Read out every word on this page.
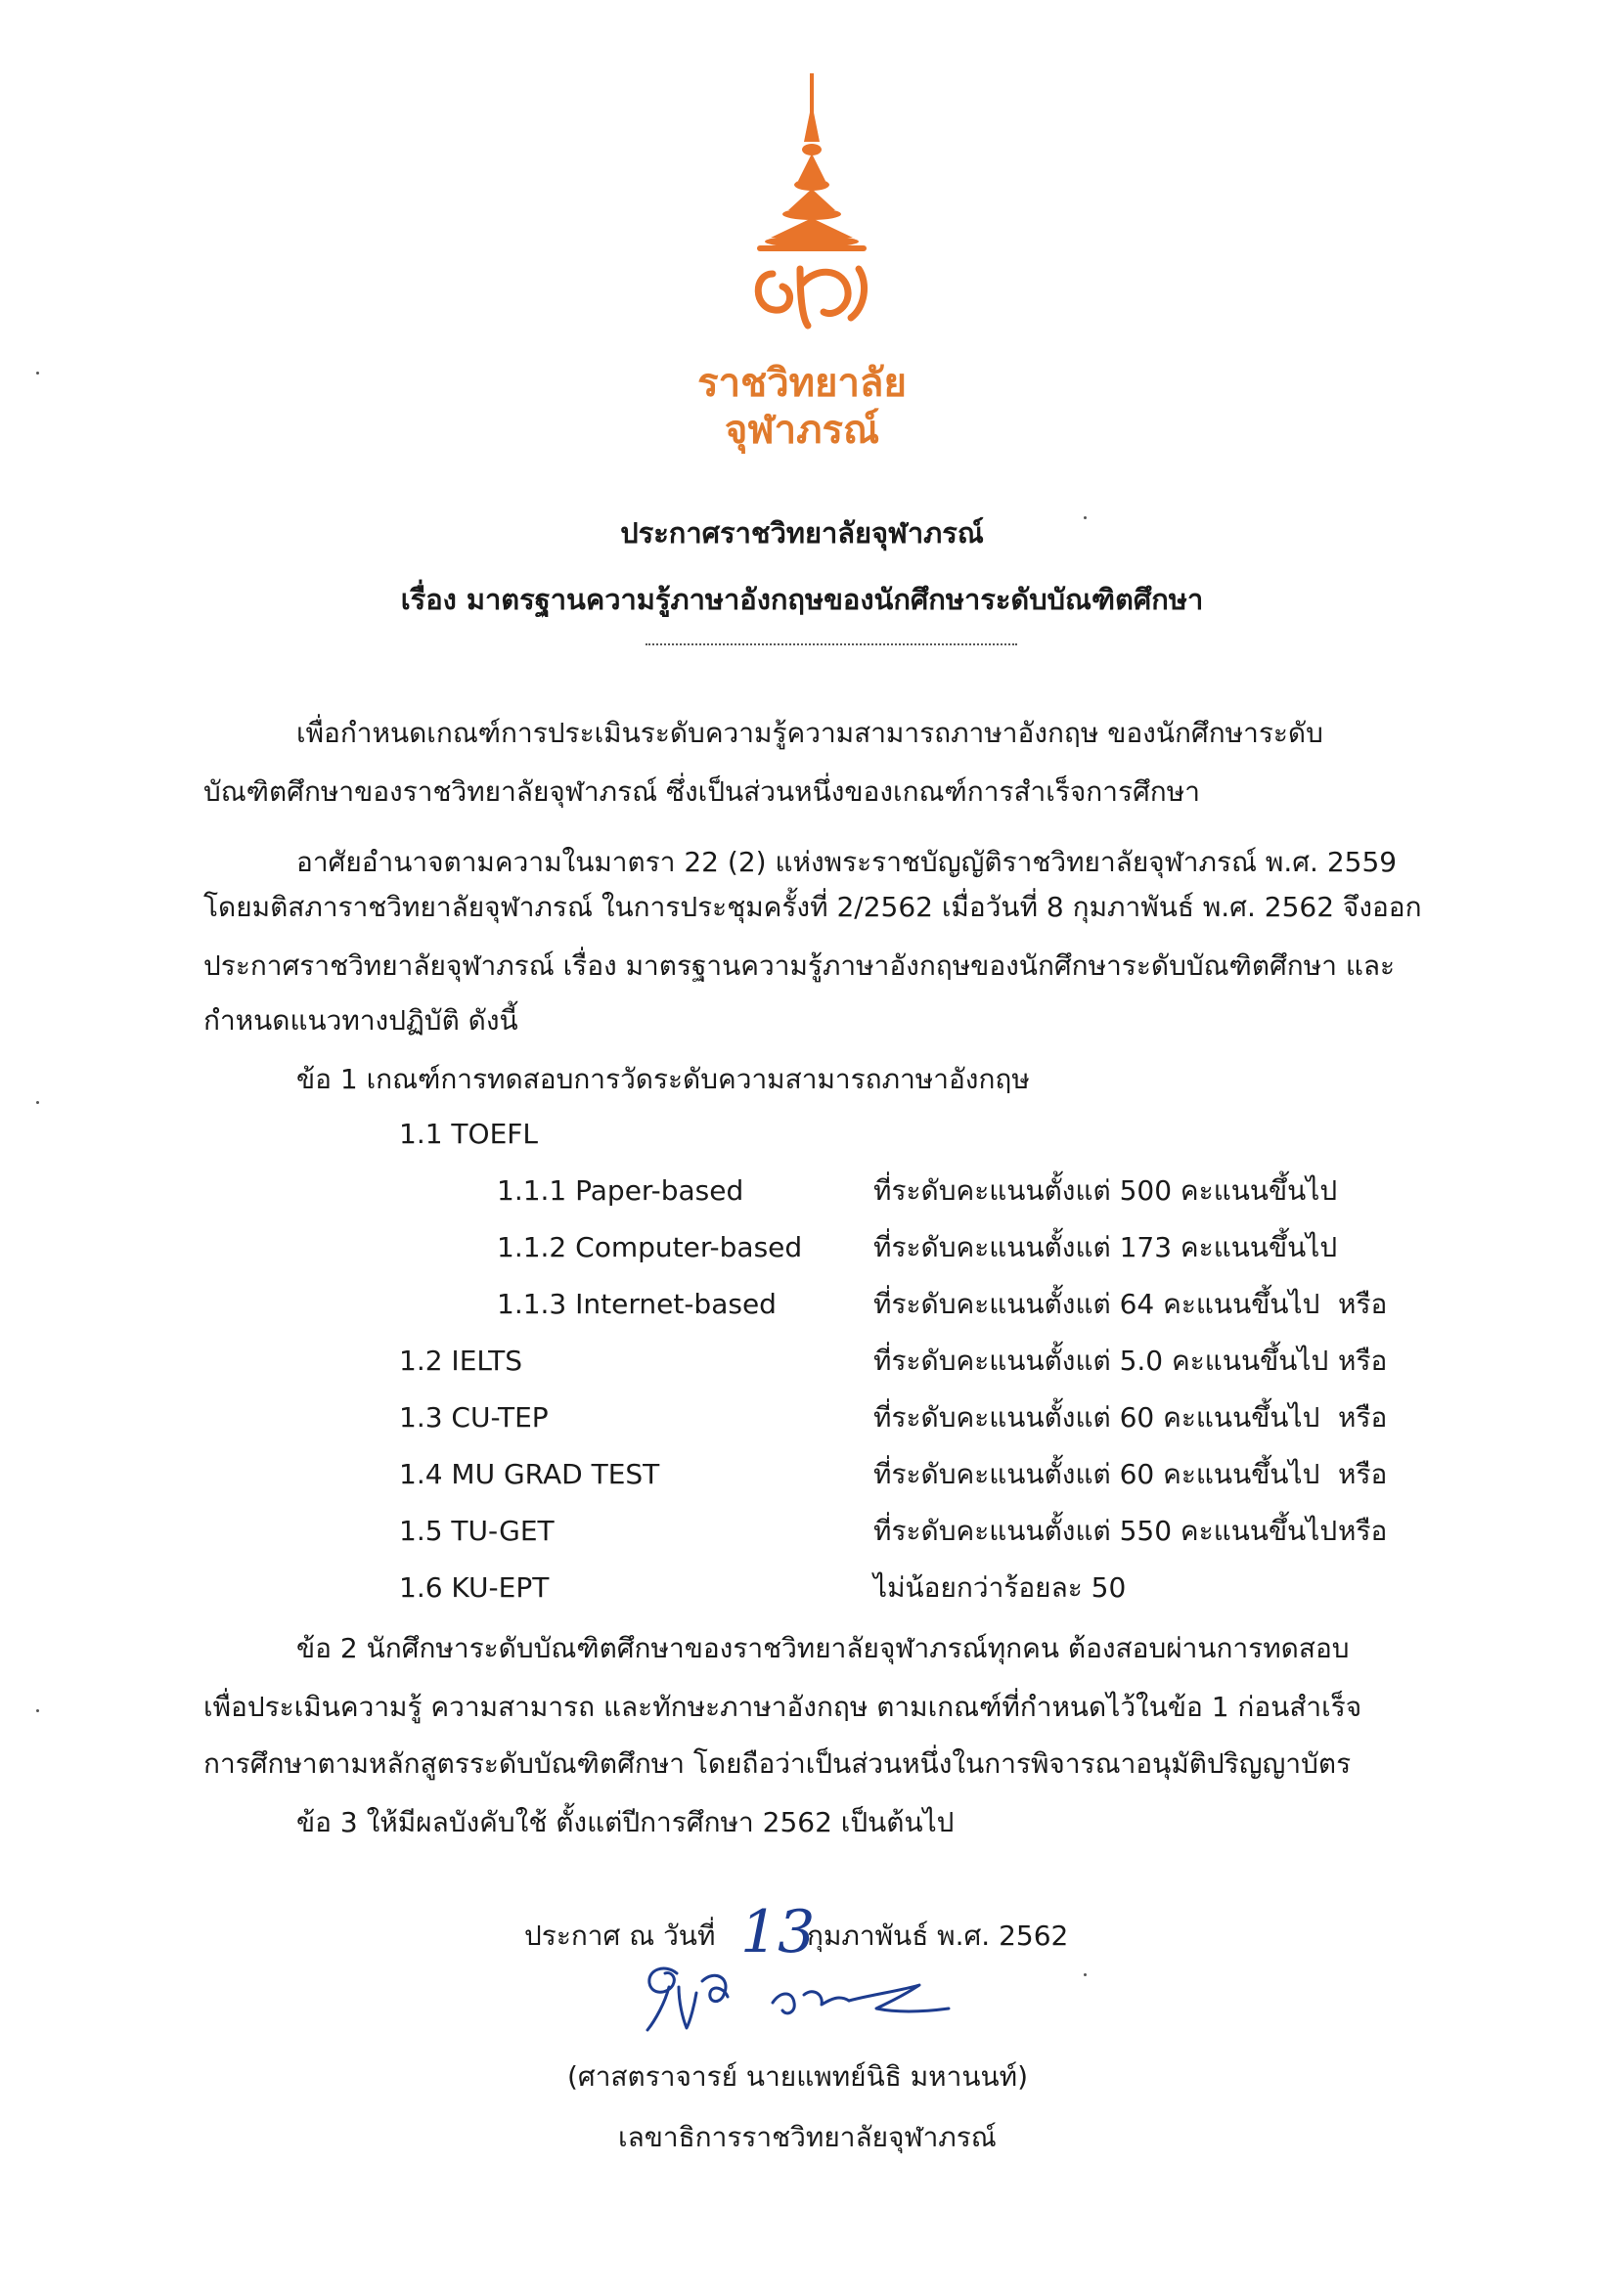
ราชวิทยาลัย
จุฬาภรณ์
ประกาศราชวิทยาลัยจุฬาภรณ์
เรื่อง มาตรฐานความรู้ภาษาอังกฤษของนักศึกษาระดับบัณฑิตศึกษา
เพื่อกำหนดเกณฑ์การประเมินระดับความรู้ความสามารถภาษาอังกฤษ ของนักศึกษาระดับ
บัณฑิตศึกษาของราชวิทยาลัยจุฬาภรณ์ ซึ่งเป็นส่วนหนึ่งของเกณฑ์การสำเร็จการศึกษา
อาศัยอำนาจตามความในมาตรา 22 (2) แห่งพระราชบัญญัติราชวิทยาลัยจุฬาภรณ์ พ.ศ. 2559
โดยมติสภาราชวิทยาลัยจุฬาภรณ์ ในการประชุมครั้งที่ 2/2562 เมื่อวันที่ 8 กุมภาพันธ์ พ.ศ. 2562 จึงออก
ประกาศราชวิทยาลัยจุฬาภรณ์ เรื่อง มาตรฐานความรู้ภาษาอังกฤษของนักศึกษาระดับบัณฑิตศึกษา และ
กำหนดแนวทางปฏิบัติ ดังนี้
ข้อ 1 เกณฑ์การทดสอบการวัดระดับความสามารถภาษาอังกฤษ
1.1 TOEFL
1.1.1 Paper-based	ที่ระดับคะแนนตั้งแต่ 500 คะแนนขึ้นไป
1.1.2 Computer-based	ที่ระดับคะแนนตั้งแต่ 173 คะแนนขึ้นไป
1.1.3 Internet-based	ที่ระดับคะแนนตั้งแต่ 64 คะแนนขึ้นไป หรือ
1.2 IELTS	ที่ระดับคะแนนตั้งแต่ 5.0 คะแนนขึ้นไป หรือ
1.3 CU-TEP	ที่ระดับคะแนนตั้งแต่ 60 คะแนนขึ้นไป หรือ
1.4 MU GRAD TEST	ที่ระดับคะแนนตั้งแต่ 60 คะแนนขึ้นไป หรือ
1.5 TU-GET	ที่ระดับคะแนนตั้งแต่ 550 คะแนนขึ้นไป หรือ
1.6 KU-EPT	ไม่น้อยกว่าร้อยละ 50
ข้อ 2 นักศึกษาระดับบัณฑิตศึกษาของราชวิทยาลัยจุฬาภรณ์ทุกคน ต้องสอบผ่านการทดสอบ
เพื่อประเมินความรู้ ความสามารถ และทักษะภาษาอังกฤษ ตามเกณฑ์ที่กำหนดไว้ในข้อ 1 ก่อนสำเร็จ
การศึกษาตามหลักสูตรระดับบัณฑิตศึกษา โดยถือว่าเป็นส่วนหนึ่งในการพิจารณาอนุมัติปริญญาบัตร
ข้อ 3 ให้มีผลบังคับใช้ ตั้งแต่ปีการศึกษา 2562 เป็นต้นไป
ประกาศ ณ วันที่ 13
กุมภาพันธ์ พ.ศ. 2562
(ศาสตราจารย์ นายแพทย์นิธิ มหานนท์)
เลขาธิการราชวิทยาลัยจุฬาภรณ์
